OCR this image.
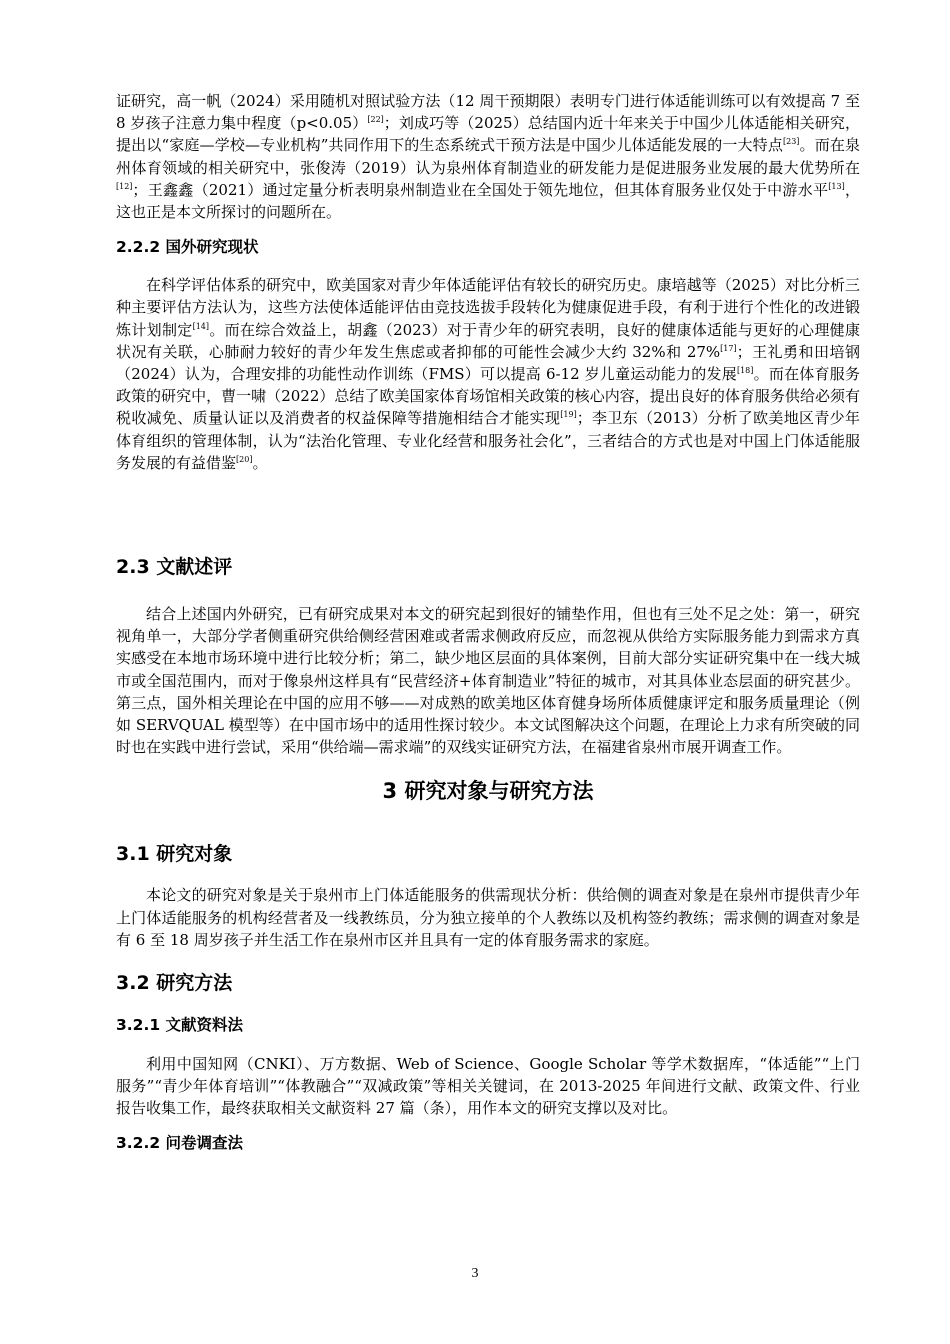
证研究，高一帆（2024）采用随机对照试验方法（12 周干预期限）表明专门进行体适能训练可以有效提高 7 至 8 岁孩子注意力集中程度（p<0.05）[22]；刘成巧等（2025）总结国内近十年来关于中国少儿体适能相关研究，提出以“家庭—学校—专业机构”共同作用下的生态系统式干预方法是中国少儿体适能发展的一大特点[23]。而在泉州体育领域的相关研究中，张俊涛（2019）认为泉州体育制造业的研发能力是促进服务业发展的最大优势所在[12]；王鑫鑫（2021）通过定量分析表明泉州制造业在全国处于领先地位，但其体育服务业仅处于中游水平[13]，这也正是本文所探讨的问题所在。

2.2.2 国外研究现状

在科学评估体系的研究中，欧美国家对青少年体适能评估有较长的研究历史。康培越等（2025）对比分析三种主要评估方法认为，这些方法使体适能评估由竞技选拔手段转化为健康促进手段，有利于进行个性化的改进锻炼计划制定[14]。而在综合效益上，胡鑫（2023）对于青少年的研究表明，良好的健康体适能与更好的心理健康状况有关联，心肺耐力较好的青少年发生焦虑或者抑郁的可能性会减少大约 32%和 27%[17]；王礼勇和田培钢（2024）认为，合理安排的功能性动作训练（FMS）可以提高 6-12 岁儿童运动能力的发展[18]。而在体育服务政策的研究中，曹一啸（2022）总结了欧美国家体育场馆相关政策的核心内容，提出良好的体育服务供给必须有税收减免、质量认证以及消费者的权益保障等措施相结合才能实现[19]；李卫东（2013）分析了欧美地区青少年体育组织的管理体制，认为“法治化管理、专业化经营和服务社会化”，三者结合的方式也是对中国上门体适能服务发展的有益借鉴[20]。

2.3 文献述评

结合上述国内外研究，已有研究成果对本文的研究起到很好的铺垫作用，但也有三处不足之处：第一，研究视角单一，大部分学者侧重研究供给侧经营困难或者需求侧政府反应，而忽视从供给方实际服务能力到需求方真实感受在本地市场环境中进行比较分析；第二，缺少地区层面的具体案例，目前大部分实证研究集中在一线大城市或全国范围内，而对于像泉州这样具有“民营经济+体育制造业”特征的城市，对其具体业态层面的研究甚少。第三点，国外相关理论在中国的应用不够——对成熟的欧美地区体育健身场所体质健康评定和服务质量理论（例如 SERVQUAL 模型等）在中国市场中的适用性探讨较少。本文试图解决这个问题，在理论上力求有所突破的同时也在实践中进行尝试，采用“供给端—需求端”的双线实证研究方法，在福建省泉州市展开调查工作。

3 研究对象与研究方法
3.1 研究对象

本论文的研究对象是关于泉州市上门体适能服务的供需现状分析：供给侧的调查对象是在泉州市提供青少年上门体适能服务的机构经营者及一线教练员，分为独立接单的个人教练以及机构签约教练；需求侧的调查对象是有 6 至 18 周岁孩子并生活工作在泉州市区并且具有一定的体育服务需求的家庭。

3.2 研究方法
3.2.1 文献资料法

利用中国知网（CNKI）、万方数据、Web of Science、Google Scholar 等学术数据库，“体适能”“上门服务”“青少年体育培训”“体教融合”“双减政策”等相关关键词，在 2013-2025 年间进行文献、政策文件、行业报告收集工作，最终获取相关文献资料 27 篇（条），用作本文的研究支撑以及对比。

3.2.2 问卷调查法
3
